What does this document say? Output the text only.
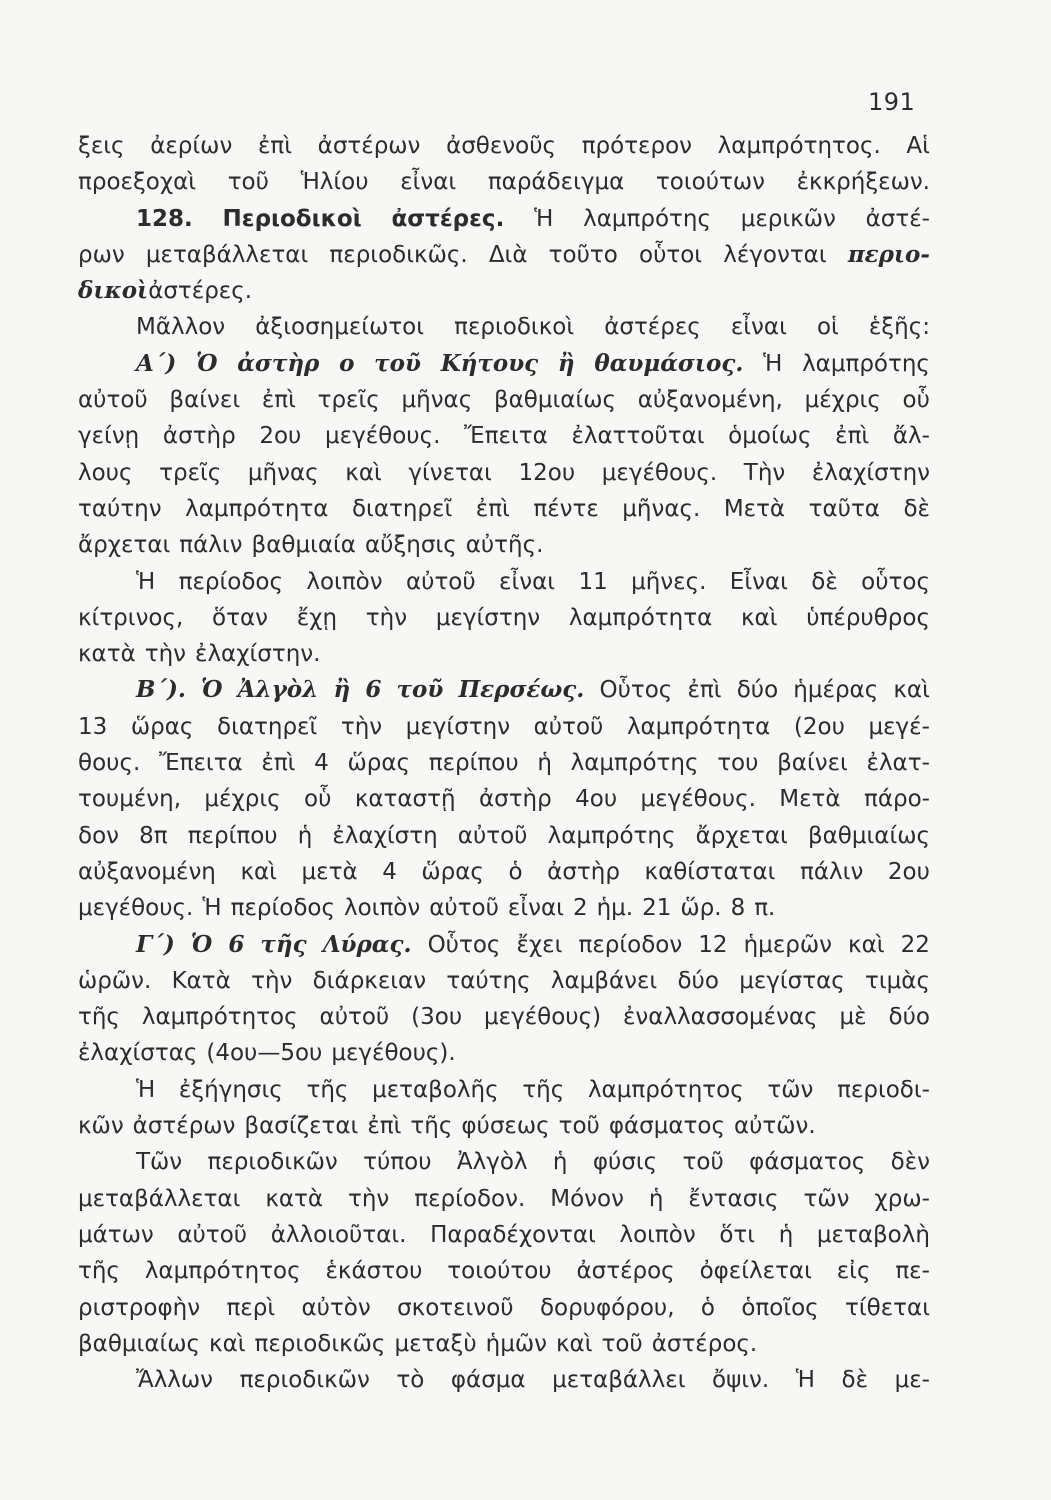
191
ξεις ἀερίων ἐπὶ ἀστέρων ἀσθενοῦς πρότερον λαμπρότητος. Αἱ
προεξοχαὶ τοῦ Ἡλίου εἶναι παράδειγμα τοιούτων ἐκκρήξεων.
128. Περιοδικοὶ ἀστέρες. Ἡ λαμπρότης μερικῶν ἀστέ-
ρων μεταβάλλεται περιοδικῶς. Διὰ τοῦτο οὗτοι λέγονται περιο-
δικοὶ ἀστέρες.
Μᾶλλον ἀξιοσημείωτοι περιοδικοὶ ἀστέρες εἶναι οἱ ἑξῆς:
Α΄) Ὁ ἀστὴρ ο τοῦ Κήτους ἢ θαυμάσιος. Ἡ λαμπρότης
αὐτοῦ βαίνει ἐπὶ τρεῖς μῆνας βαθμιαίως αὐξανομένη, μέχρις οὗ
γείνῃ ἀστὴρ 2ου μεγέθους. Ἔπειτα ἐλαττοῦται ὁμοίως ἐπὶ ἄλ-
λους τρεῖς μῆνας καὶ γίνεται 12ου μεγέθους. Τὴν ἐλαχίστην
ταύτην λαμπρότητα διατηρεῖ ἐπὶ πέντε μῆνας. Μετὰ ταῦτα δὲ
ἄρχεται πάλιν βαθμιαία αὔξησις αὐτῆς.
Ἡ περίοδος λοιπὸν αὐτοῦ εἶναι 11 μῆνες. Εἶναι δὲ οὗτος
κίτρινος, ὅταν ἔχῃ τὴν μεγίστην λαμπρότητα καὶ ὑπέρυθρος
κατὰ τὴν ἐλαχίστην.
Β΄). Ὁ Ἀλγὸλ ἢ 6 τοῦ Περσέως. Οὗτος ἐπὶ δύο ἡμέρας καὶ
13 ὥρας διατηρεῖ τὴν μεγίστην αὐτοῦ λαμπρότητα (2ου μεγέ-
θους. Ἔπειτα ἐπὶ 4 ὥρας περίπου ἡ λαμπρότης του βαίνει ἐλατ-
τουμένη, μέχρις οὗ καταστῇ ἀστὴρ 4ου μεγέθους. Μετὰ πάρο-
δον 8π περίπου ἡ ἐλαχίστη αὐτοῦ λαμπρότης ἄρχεται βαθμιαίως
αὐξανομένη καὶ μετὰ 4 ὥρας ὁ ἀστὴρ καθίσταται πάλιν 2ου
μεγέθους. Ἡ περίοδος λοιπὸν αὐτοῦ εἶναι 2 ἡμ. 21 ὥρ. 8 π.
Γ΄) Ὁ 6 τῆς Λύρας. Οὗτος ἔχει περίοδον 12 ἡμερῶν καὶ 22
ὡρῶν. Κατὰ τὴν διάρκειαν ταύτης λαμβάνει δύο μεγίστας τιμὰς
τῆς λαμπρότητος αὐτοῦ (3ου μεγέθους) ἐναλλασσομένας μὲ δύο
ἐλαχίστας (4ου—5ου μεγέθους).
Ἡ ἐξήγησις τῆς μεταβολῆς τῆς λαμπρότητος τῶν περιοδι-
κῶν ἀστέρων βασίζεται ἐπὶ τῆς φύσεως τοῦ φάσματος αὐτῶν.
Τῶν περιοδικῶν τύπου Ἀλγὸλ ἡ φύσις τοῦ φάσματος δὲν
μεταβάλλεται κατὰ τὴν περίοδον. Μόνον ἡ ἔντασις τῶν χρω-
μάτων αὐτοῦ ἀλλοιοῦται. Παραδέχονται λοιπὸν ὅτι ἡ μεταβολὴ
τῆς λαμπρότητος ἑκάστου τοιούτου ἀστέρος ὀφείλεται εἰς πε-
ριστροφὴν περὶ αὐτὸν σκοτεινοῦ δορυφόρου, ὁ ὁποῖος τίθεται
βαθμιαίως καὶ περιοδικῶς μεταξὺ ἡμῶν καὶ τοῦ ἀστέρος.
Ἄλλων περιοδικῶν τὸ φάσμα μεταβάλλει ὄψιν. Ἡ δὲ με-
